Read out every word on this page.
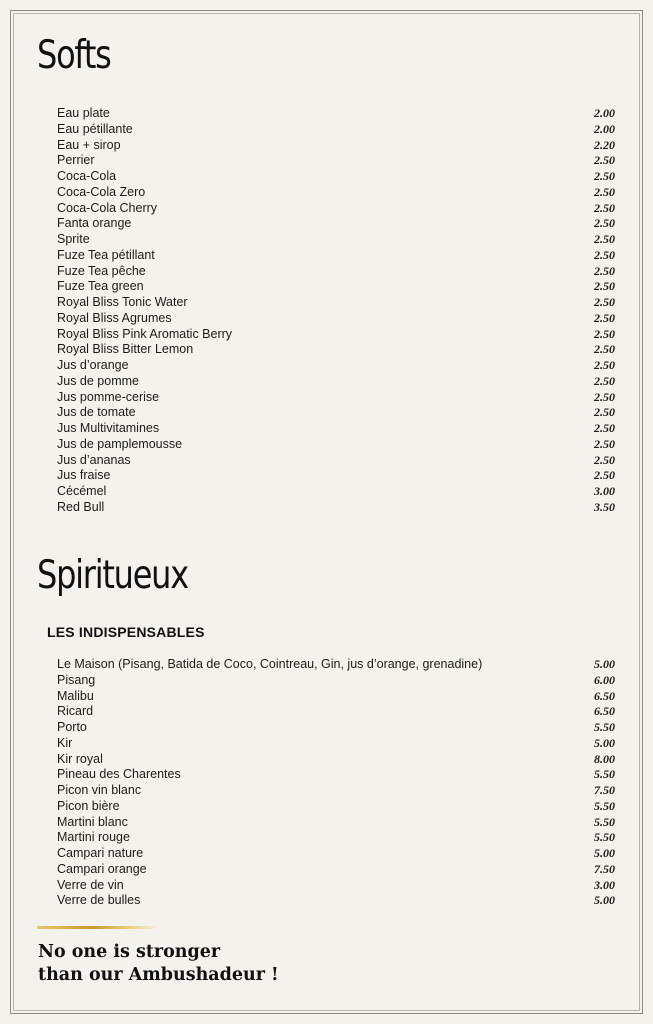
Softs
Eau plate	2.00
Eau pétillante	2.00
Eau + sirop	2.20
Perrier	2.50
Coca-Cola	2.50
Coca-Cola Zero	2.50
Coca-Cola Cherry	2.50
Fanta orange	2.50
Sprite	2.50
Fuze Tea pétillant	2.50
Fuze Tea pêche	2.50
Fuze Tea green	2.50
Royal Bliss Tonic Water	2.50
Royal Bliss Agrumes	2.50
Royal Bliss Pink Aromatic Berry	2.50
Royal Bliss Bitter Lemon	2.50
Jus d’orange	2.50
Jus de pomme	2.50
Jus pomme-cerise	2.50
Jus de tomate	2.50
Jus Multivitamines	2.50
Jus de pamplemousse	2.50
Jus d’ananas	2.50
Jus fraise	2.50
Cécémel	3.00
Red Bull	3.50
Spiritueux
LES INDISPENSABLES
Le Maison (Pisang, Batida de Coco, Cointreau, Gin, jus d’orange, grenadine)	5.00
Pisang	6.00
Malibu	6.50
Ricard	6.50
Porto	5.50
Kir	5.00
Kir royal	8.00
Pineau des Charentes	5.50
Picon vin blanc	7.50
Picon bière	5.50
Martini blanc	5.50
Martini rouge	5.50
Campari nature	5.00
Campari orange	7.50
Verre de vin	3.00
Verre de bulles	5.00

No one is stronger
than our Ambushadeur !
